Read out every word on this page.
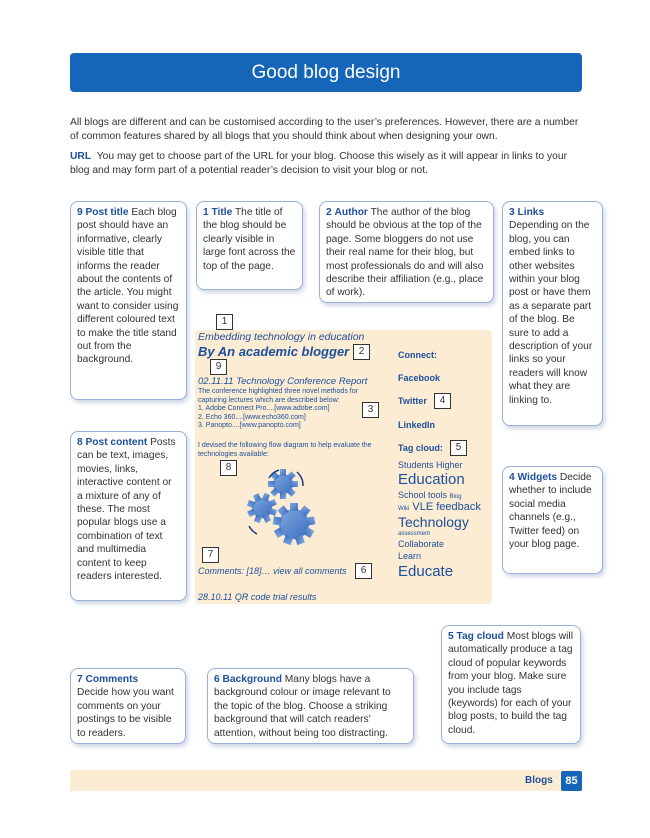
Good blog design

All blogs are different and can be customised according to the user’s preferences. However, there are a number of common features shared by all blogs that you should think about when designing your own.

URL You may get to choose part of the URL for your blog. Choose this wisely as it will appear in links to your blog and may form part of a potential reader’s decision to visit your blog or not.

9 Post title Each blog post should have an informative, clearly visible title that informs the reader about the contents of the article. You might want to consider using different coloured text to make the title stand out from the background.
1 Title The title of the blog should be clearly visible in large font across the top of the page.
2 Author The author of the blog should be obvious at the top of the page. Some bloggers do not use their real name for their blog, but most professionals do and will also describe their affiliation (e.g., place of work).
3 Links Depending on the blog, you can embed links to other websites within your blog post or have them as a separate part of the blog. Be sure to add a description of your links so your readers will know what they are linking to.
8 Post content Posts can be text, images, movies, links, interactive content or a mixture of any of these. The most popular blogs use a combination of text and multimedia content to keep readers interested.
4 Widgets Decide whether to include social media channels (e.g., Twitter feed) on your blog page.
5 Tag cloud Most blogs will automatically produce a tag cloud of popular keywords from your blog. Make sure you include tags (keywords) for each of your blog posts, to build the tag cloud.
7 Comments
Decide how you want comments on your postings to be visible to readers.
6 Background Many blogs have a background colour or image relevant to the topic of the blog. Choose a striking background that will catch readers’ attention, without being too distracting.
1
Embedding technology in education
By An academic blogger 2
9
02.11.11 Technology Conference Report
The conference highlighted three novel methods for capturing lectures which are described below:
1. Adobe Connect Pro....[www.adobe.com]
2. Echo 360....[www.echo360.com]
3. Panopto....[www.panopto.com]
3
I devised the following flow diagram to help evaluate the technologies available:
8
7
Comments: [18]… view all comments	6
28.10.11 QR code trial results
Connect:
Facebook
Twitter	4
LinkedIn
Tag cloud:	5
Students Higher
Education
School tools Blog
Wiki VLE feedback
Technology
assessment
Collaborate
Learn
Educate
Blogs	85
